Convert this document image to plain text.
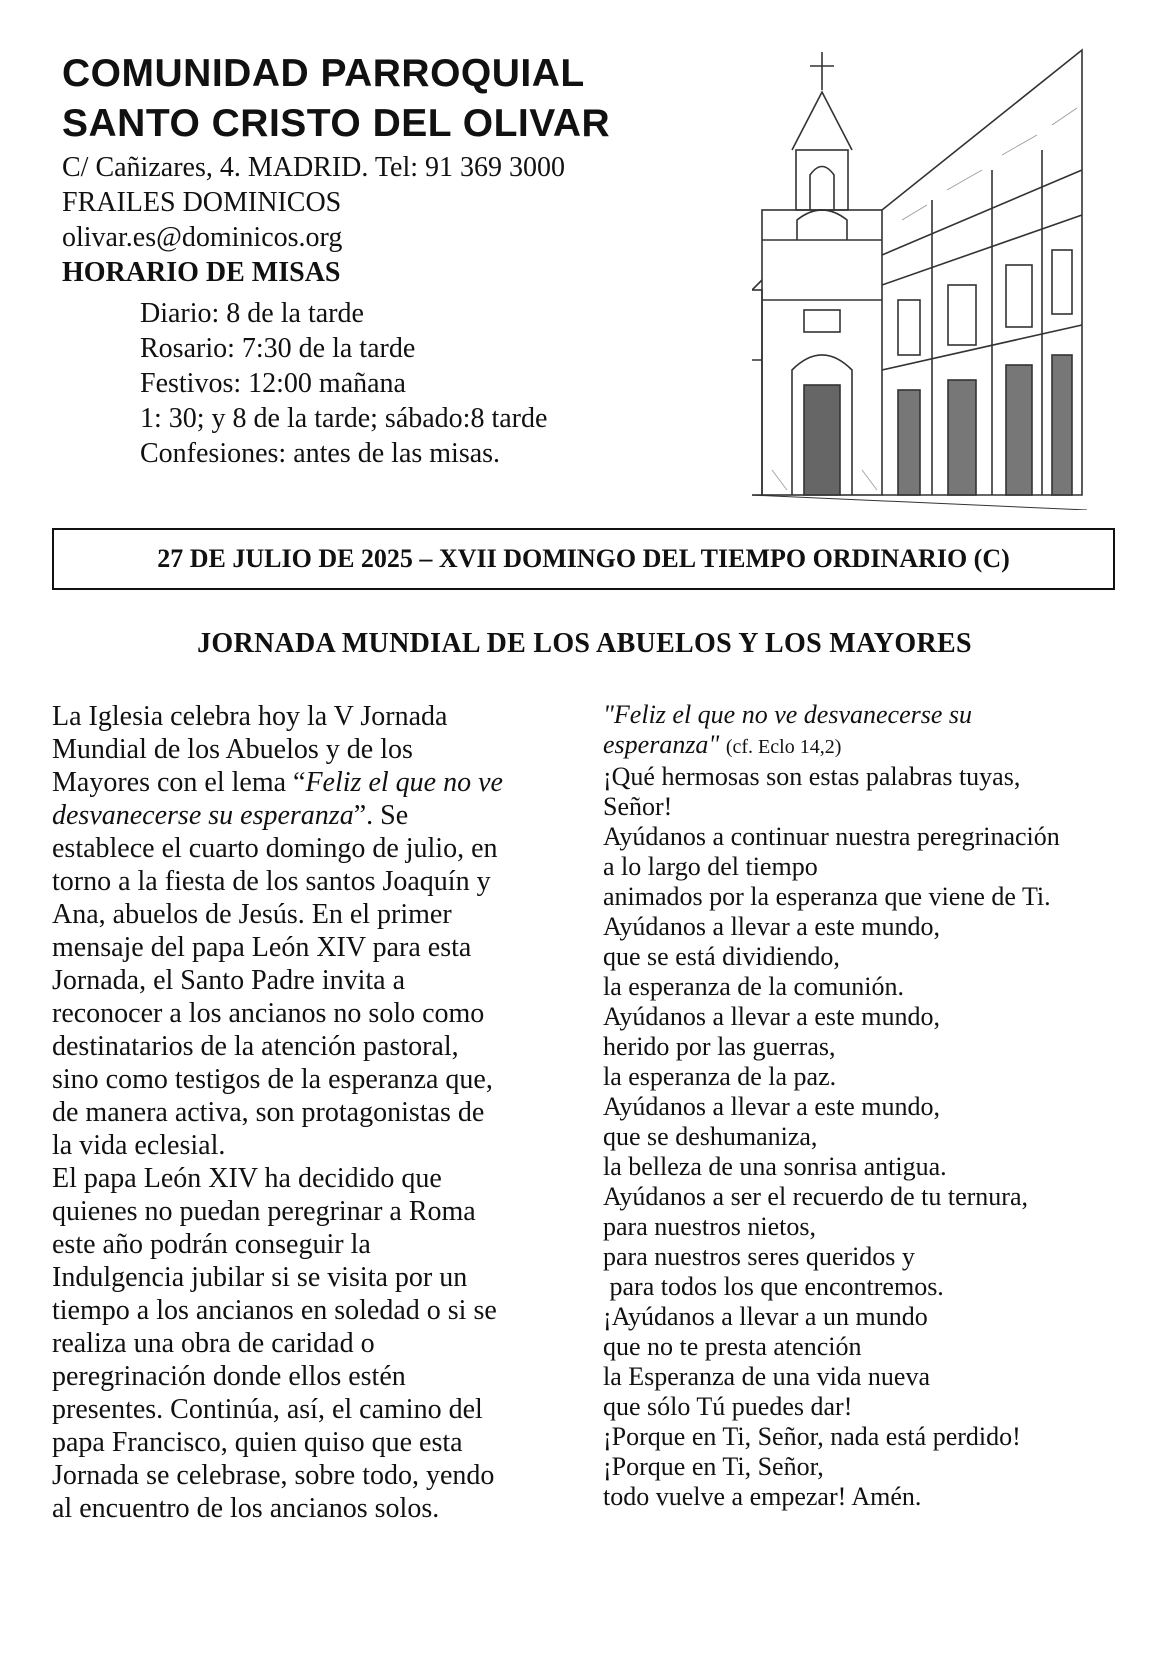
COMUNIDAD PARROQUIAL
SANTO CRISTO DEL OLIVAR
C/ Cañizares, 4. MADRID. Tel: 91 369 3000
FRAILES DOMINICOS
olivar.es@dominicos.org
HORARIO DE MISAS
Diario: 8 de la tarde
Rosario: 7:30 de la tarde
Festivos: 12:00 mañana
1: 30; y 8 de la tarde; sábado:8 tarde
Confesiones: antes de las misas.
27 DE JULIO DE 2025 – XVII DOMINGO DEL TIEMPO ORDINARIO (C)
JORNADA MUNDIAL DE LOS ABUELOS Y LOS MAYORES
La Iglesia celebra hoy la V Jornada
Mundial de los Abuelos y de los
Mayores con el lema “Feliz el que no ve
desvanecerse su esperanza”. Se
establece el cuarto domingo de julio, en
torno a la fiesta de los santos Joaquín y
Ana, abuelos de Jesús. En el primer
mensaje del papa León XIV para esta
Jornada, el Santo Padre invita a
reconocer a los ancianos no solo como
destinatarios de la atención pastoral,
sino como testigos de la esperanza que,
de manera activa, son protagonistas de
la vida eclesial.
El papa León XIV ha decidido que
quienes no puedan peregrinar a Roma
este año podrán conseguir la
Indulgencia jubilar si se visita por un
tiempo a los ancianos en soledad o si se
realiza una obra de caridad o
peregrinación donde ellos estén
presentes. Continúa, así, el camino del
papa Francisco, quien quiso que esta
Jornada se celebrase, sobre todo, yendo
al encuentro de los ancianos solos.
"Feliz el que no ve desvanecerse su
esperanza" (cf. Eclo 14,2)
¡Qué hermosas son estas palabras tuyas,
Señor!
Ayúdanos a continuar nuestra peregrinación
a lo largo del tiempo
animados por la esperanza que viene de Ti.
Ayúdanos a llevar a este mundo,
que se está dividiendo,
la esperanza de la comunión.
Ayúdanos a llevar a este mundo,
herido por las guerras,
la esperanza de la paz.
Ayúdanos a llevar a este mundo,
que se deshumaniza,
la belleza de una sonrisa antigua.
Ayúdanos a ser el recuerdo de tu ternura,
para nuestros nietos,
para nuestros seres queridos y
para todos los que encontremos.
¡Ayúdanos a llevar a un mundo
que no te presta atención
la Esperanza de una vida nueva
que sólo Tú puedes dar!
¡Porque en Ti, Señor, nada está perdido!
¡Porque en Ti, Señor,
todo vuelve a empezar! Amén.
